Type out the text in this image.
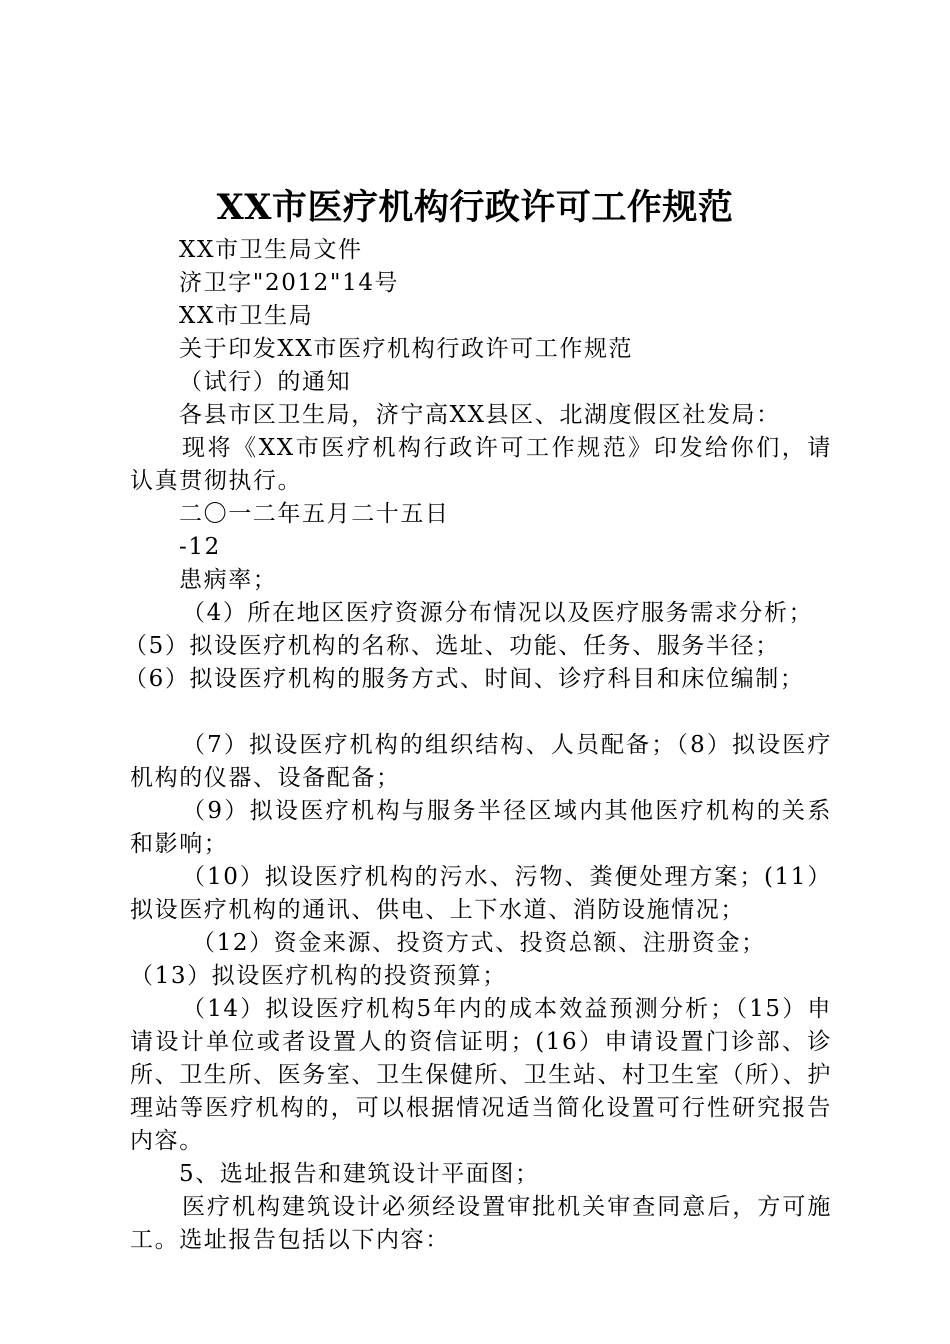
XX市医疗机构行政许可工作规范

XX市卫生局文件

济卫字"2012"14号

XX市卫生局

关于印发XX市医疗机构行政许可工作规范

（试行）的通知

各县市区卫生局，济宁高XX县区、北湖度假区社发局：

现将《XX市医疗机构行政许可工作规范》印发给你们，请认真贯彻执行。

二〇一二年五月二十五日

-12

患病率；

（4）所在地区医疗资源分布情况以及医疗服务需求分析；

（5）拟设医疗机构的名称、选址、功能、任务、服务半径；

（6）拟设医疗机构的服务方式、时间、诊疗科目和床位编制；

（7）拟设医疗机构的组织结构、人员配备；（8）拟设医疗机构的仪器、设备配备；

（9）拟设医疗机构与服务半径区域内其他医疗机构的关系和影响；

（10）拟设医疗机构的污水、污物、粪便处理方案；(11）拟设医疗机构的通讯、供电、上下水道、消防设施情况；

（12）资金来源、投资方式、投资总额、注册资金；

（13）拟设医疗机构的投资预算；

（14）拟设医疗机构5年内的成本效益预测分析；（15）申请设计单位或者设置人的资信证明；(16）申请设置门诊部、诊所、卫生所、医务室、卫生保健所、卫生站、村卫生室（所）、护理站等医疗机构的，可以根据情况适当简化设置可行性研究报告内容。

5、选址报告和建筑设计平面图；

医疗机构建筑设计必须经设置审批机关审查同意后，方可施工。选址报告包括以下内容：
